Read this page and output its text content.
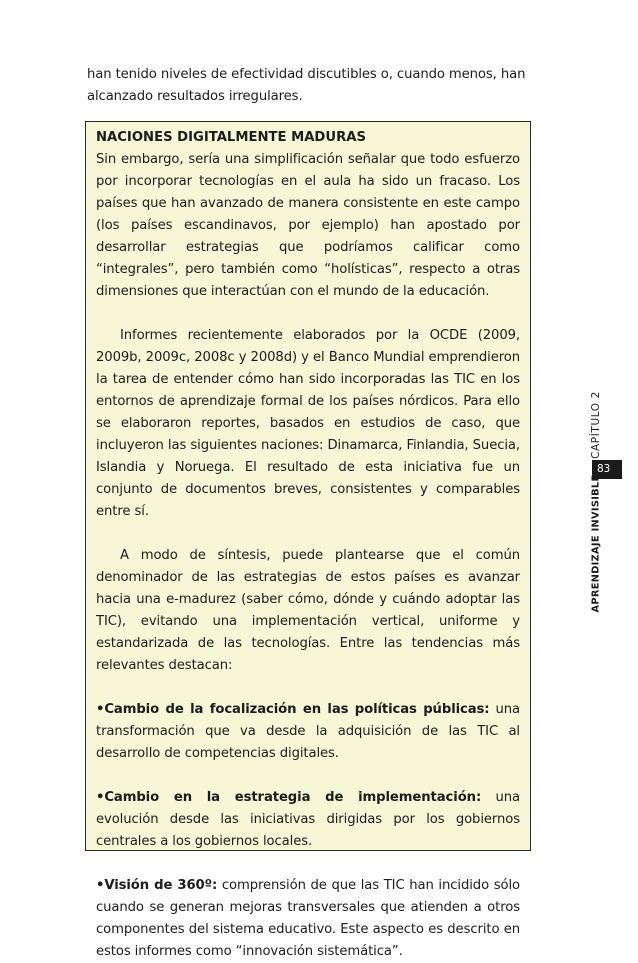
han tenido niveles de efectividad discutibles o, cuando menos, han
alcanzado resultados irregulares.

NACIONES DIGITALMENTE MADURAS

Sin embargo, sería una simplificación señalar que todo esfuerzo por incorporar tecnologías en el aula ha sido un fracaso. Los países que han avanzado de manera consistente en este campo (los países escandinavos, por ejemplo) han apostado por desarrollar estrategias que podríamos calificar como “integrales”, pero también como “holísticas”, respecto a otras dimensiones que interactúan con el mundo de la educación.

Informes recientemente elaborados por la OCDE (2009, 2009b, 2009c, 2008c y 2008d) y el Banco Mundial emprendieron la tarea de entender cómo han sido incorporadas las TIC en los entornos de aprendizaje formal de los países nórdicos. Para ello se elaboraron reportes, basados en estudios de caso, que incluyeron las siguientes naciones: Dinamarca, Finlandia, Suecia, Islandia y Noruega. El resultado de esta iniciativa fue un conjunto de documentos breves, consistentes y comparables entre sí.

A modo de síntesis, puede plantearse que el común denominador de las estrategias de estos países es avanzar hacia una e-madurez (saber cómo, dónde y cuándo adoptar las TIC), evitando una implementación vertical, uniforme y estandarizada de las tecnologías. Entre las tendencias más relevantes destacan:

•Cambio de la focalización en las políticas públicas: una transformación que va desde la adquisición de las TIC al desarrollo de competencias digitales.

•Cambio en la estrategia de implementación: una evolución desde las iniciativas dirigidas por los gobiernos centrales a los gobiernos locales.

•Visión de 360º: comprensión de que las TIC han incidido sólo cuando se generan mejoras transversales que atienden a otros componentes del sistema educativo. Este aspecto es descrito en estos informes como “innovación sistemática”.

CAPÍTULO 2
83
APRENDIZAJE INVISIBLE
